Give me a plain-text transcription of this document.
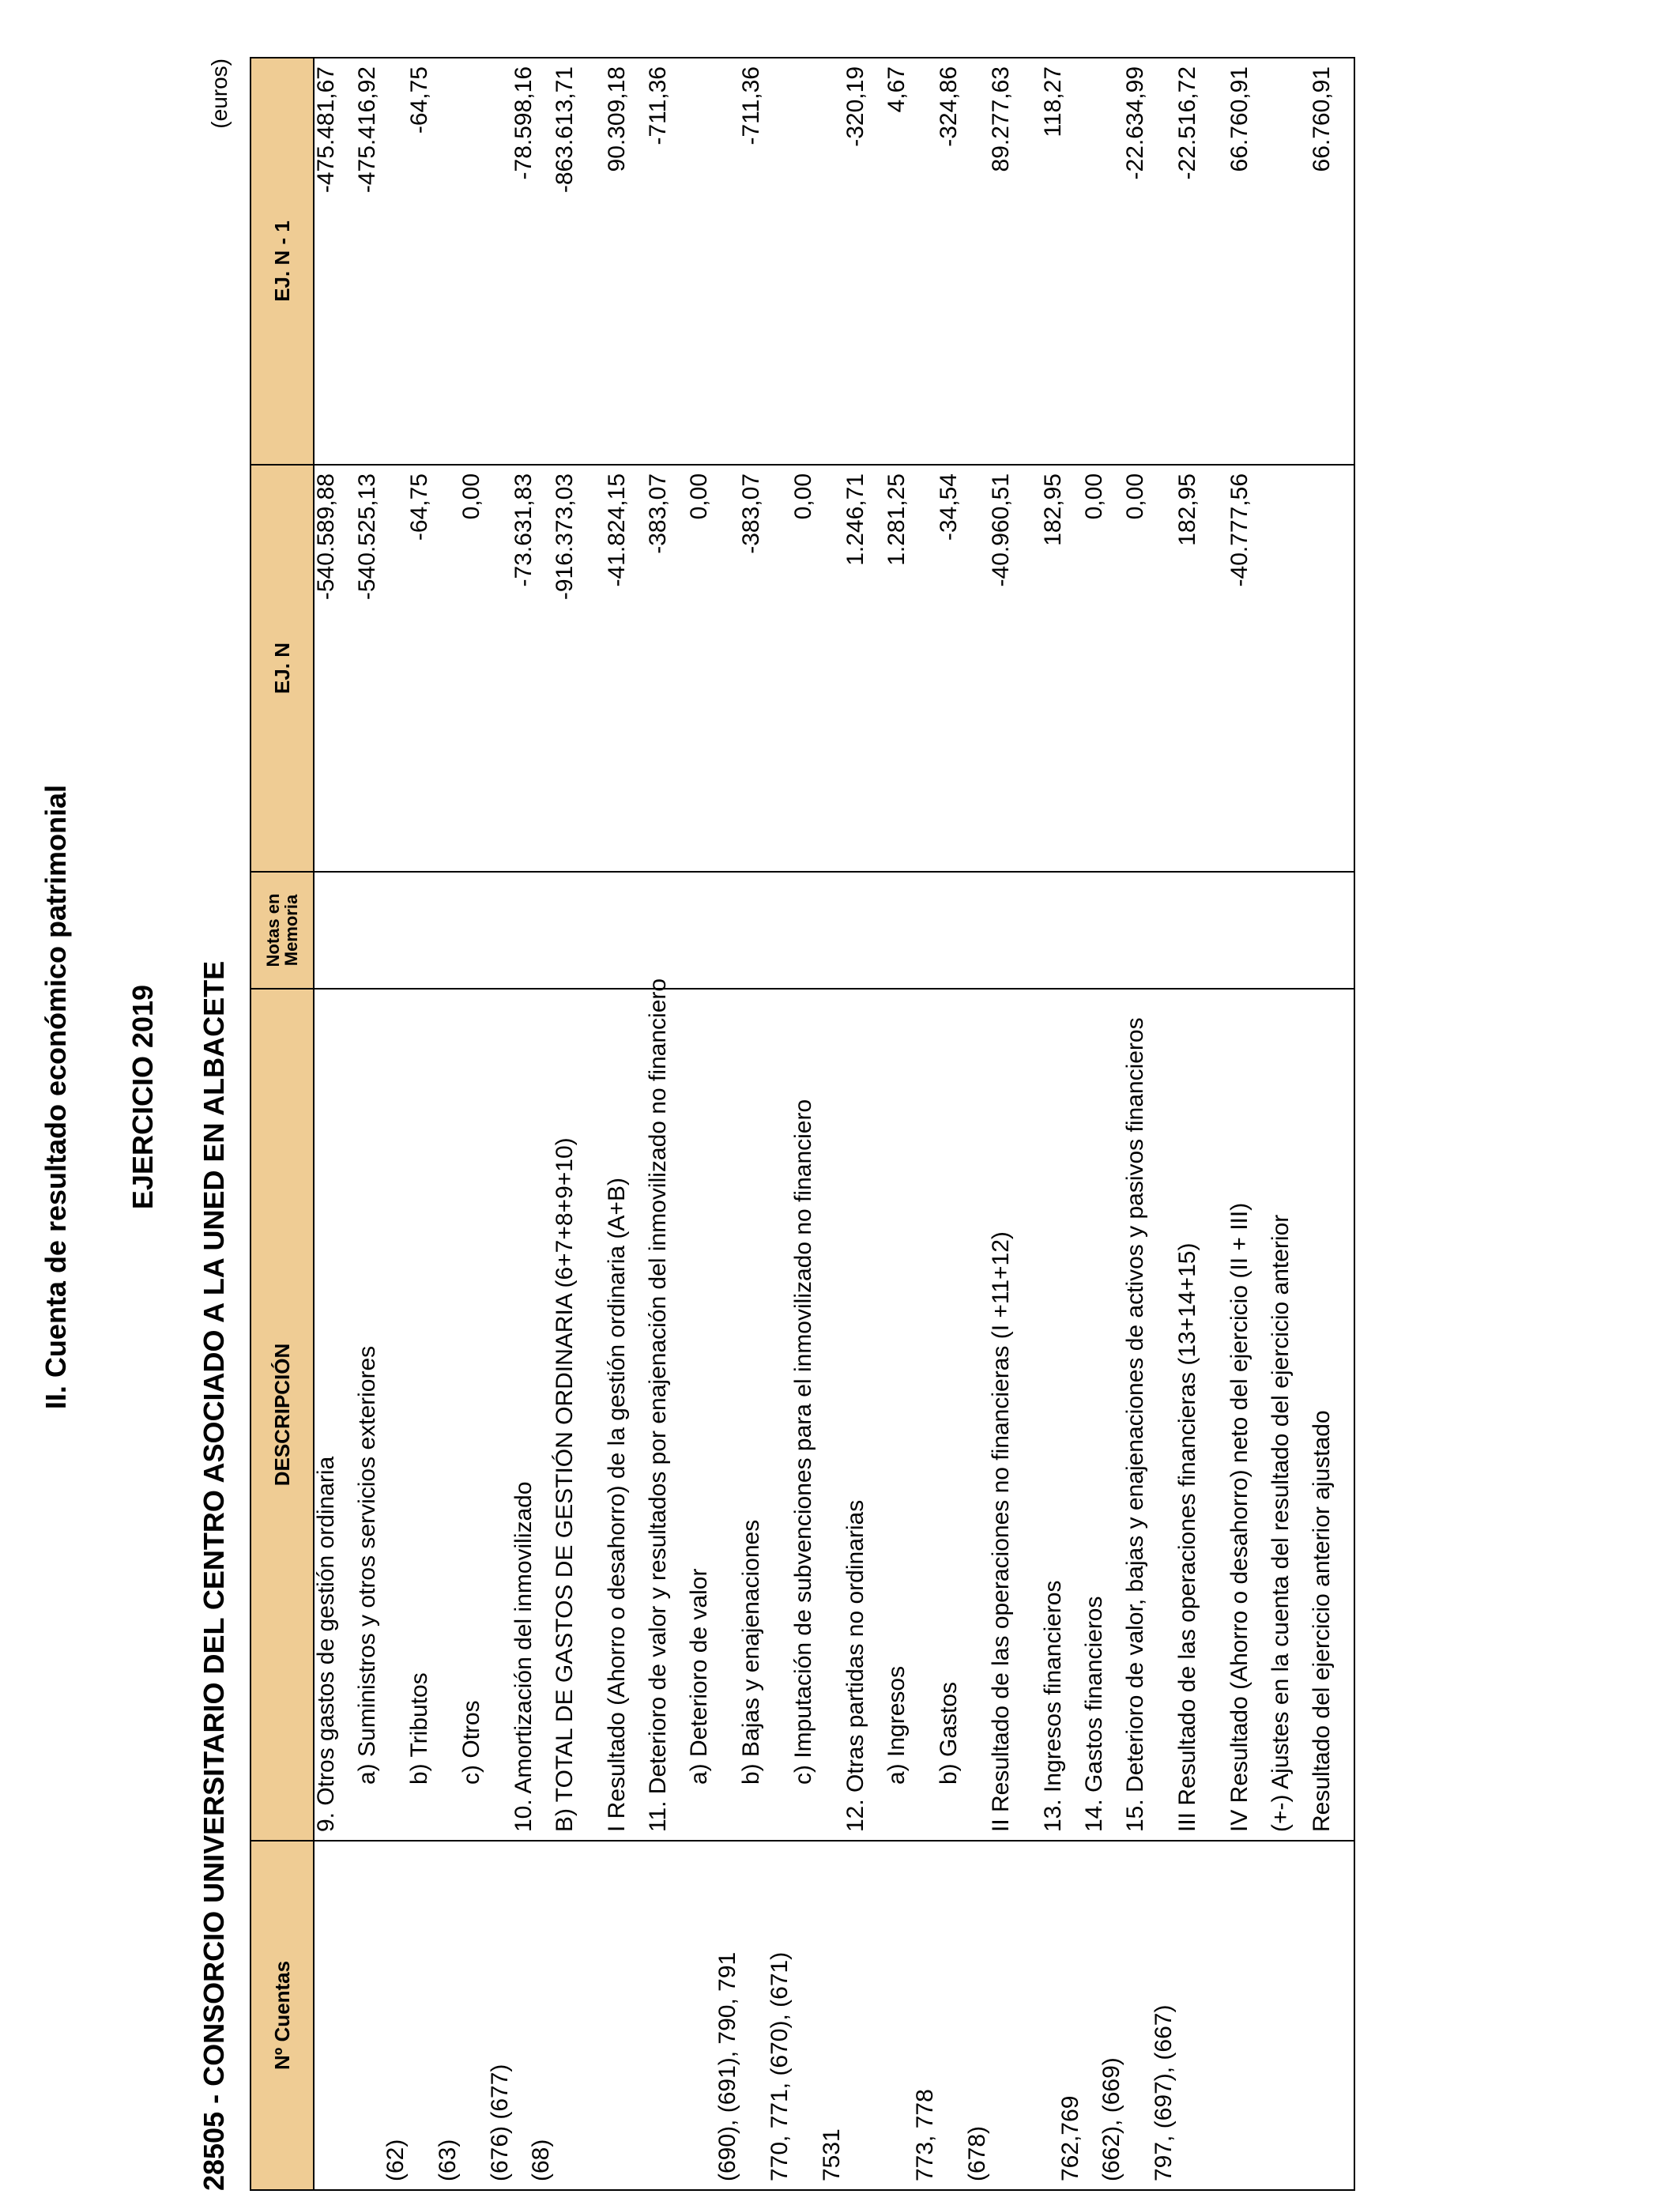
II. Cuenta de resultado económico patrimonial EJERCICIO 2019 28505 - CONSORCIO UNIVERSITARIO DEL CENTRO ASOCIADO A LA UNED EN ALBACETE
(euros)
Nº Cuentas	DESCRIPCIÓN	Notas en
Memoria	EJ. N	EJ. N - 1
	9. Otros gastos de gestión ordinaria		-540.589,88	-475.481,67
(62)	a) Suministros y otros servicios exteriores		-540.525,13	-475.416,92
(63)	b) Tributos		-64,75	-64,75
(676) (677)	c) Otros		0,00	
(68)	10. Amortización del inmovilizado		-73.631,83	-78.598,16
	B) TOTAL DE GASTOS DE GESTIÓN ORDINARIA (6+7+8+9+10)		-916.373,03	-863.613,71
	I Resultado (Ahorro o desahorro) de la gestión ordinaria (A+B)		-41.824,15	90.309,18
	11. Deterioro de valor y resultados por enajenación del inmovilizado no financiero		-383,07	-711,36
(690), (691), 790, 791	a) Deterioro de valor		0,00	
770, 771, (670), (671)	b) Bajas y enajenaciones		-383,07	-711,36
7531	c) Imputación de subvenciones para el inmovilizado no financiero		0,00	
	12. Otras partidas no ordinarias		1.246,71	-320,19
773, 778	a) Ingresos		1.281,25	4,67
(678)	b) Gastos		-34,54	-324,86
	II Resultado de las operaciones no financieras (I +11+12)		-40.960,51	89.277,63
762,769	13. Ingresos financieros		182,95	118,27
(662), (669)	14. Gastos financieros		0,00	
797, (697), (667)	15. Deterioro de valor, bajas y enajenaciones de activos y pasivos financieros		0,00	-22.634,99
	III Resultado de las operaciones financieras (13+14+15)		182,95	-22.516,72
	IV Resultado (Ahorro o desahorro) neto del ejercicio (II + III)		-40.777,56	66.760,91
	(+-) Ajustes en la cuenta del resultado del ejercicio anterior			
	Resultado del ejercicio anterior ajustado			66.760,91
